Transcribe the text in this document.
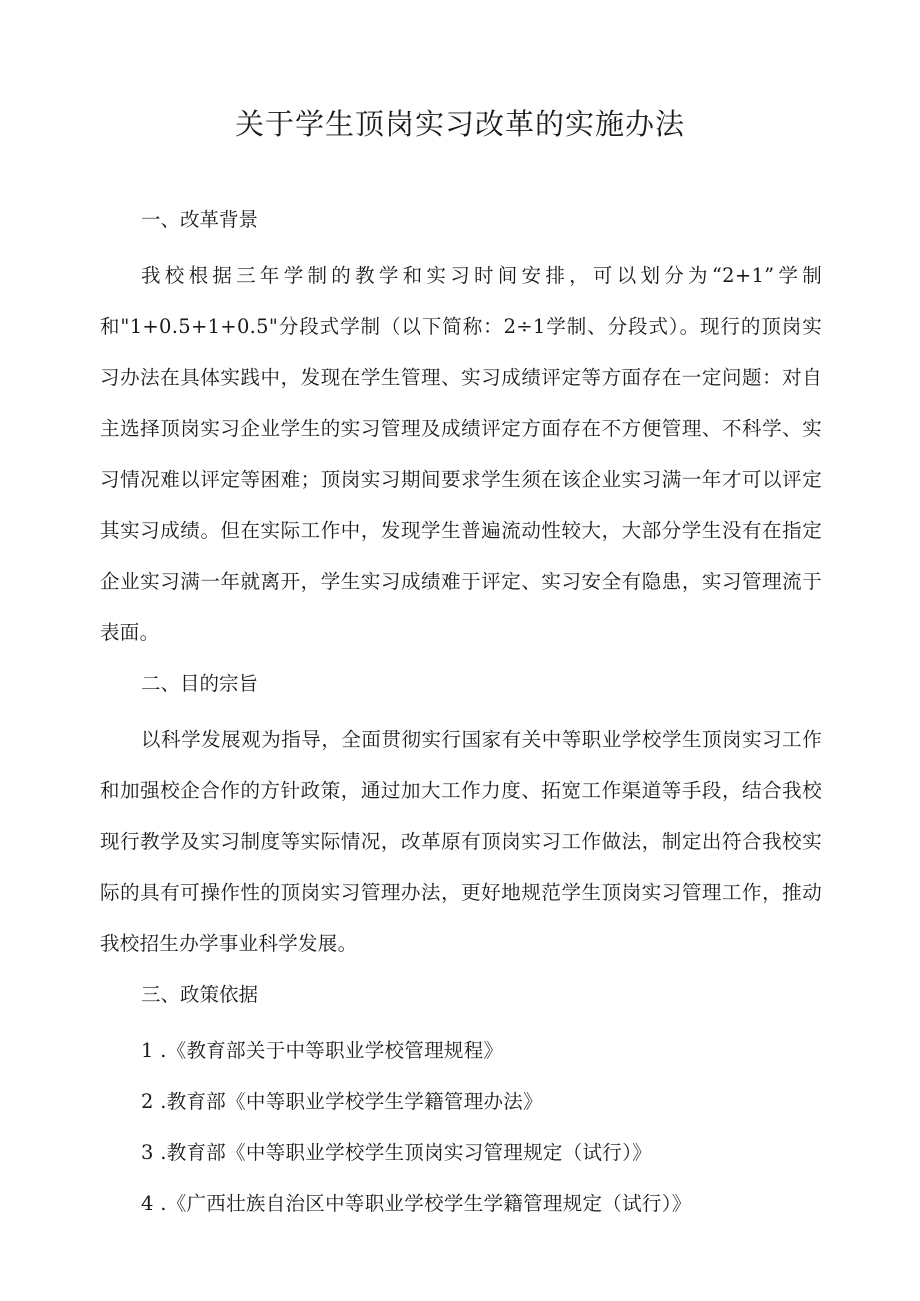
关于学生顶岗实习改革的实施办法
一、改革背景

我校根据三年学制的教学和实习时间安排，可以划分为“2+1”学制和"1+0.5+1+0.5"分段式学制（以下简称：2÷1学制、分段式）。现行的顶岗实习办法在具体实践中，发现在学生管理、实习成绩评定等方面存在一定问题：对自主选择顶岗实习企业学生的实习管理及成绩评定方面存在不方便管理、不科学、实习情况难以评定等困难；顶岗实习期间要求学生须在该企业实习满一年才可以评定其实习成绩。但在实际工作中，发现学生普遍流动性较大，大部分学生没有在指定企业实习满一年就离开，学生实习成绩难于评定、实习安全有隐患，实习管理流于表面。

二、目的宗旨

以科学发展观为指导，全面贯彻实行国家有关中等职业学校学生顶岗实习工作和加强校企合作的方针政策，通过加大工作力度、拓宽工作渠道等手段，结合我校现行教学及实习制度等实际情况，改革原有顶岗实习工作做法，制定出符合我校实际的具有可操作性的顶岗实习管理办法，更好地规范学生顶岗实习管理工作，推动我校招生办学事业科学发展。

三、政策依据

1 .《教育部关于中等职业学校管理规程》

2 .教育部《中等职业学校学生学籍管理办法》

3 .教育部《中等职业学校学生顶岗实习管理规定（试行）》

4 .《广西壮族自治区中等职业学校学生学籍管理规定（试行）》
